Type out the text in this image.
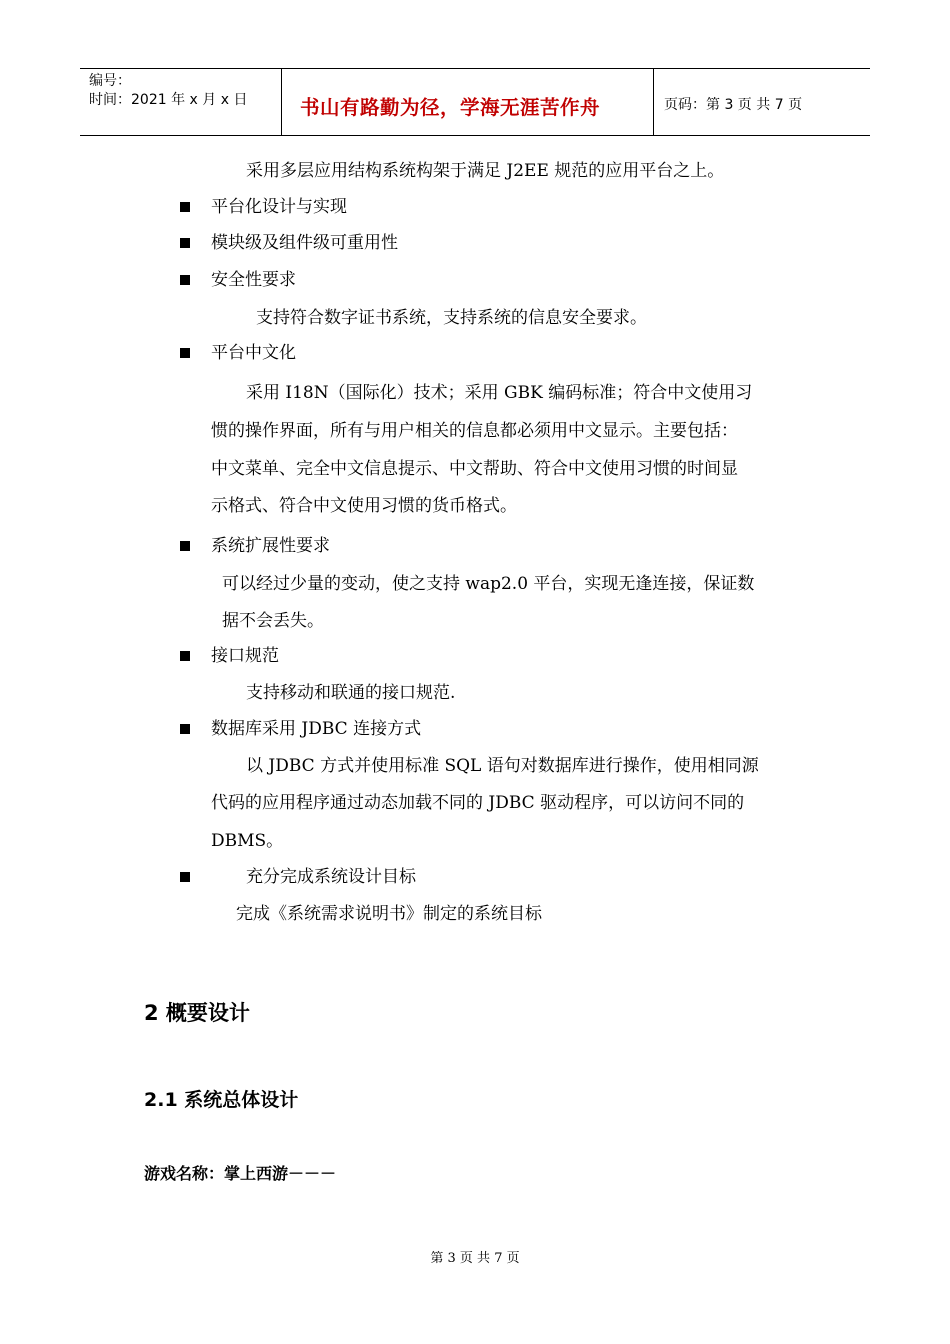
编号：
时间：2021 年 x 月 x 日	书山有路勤为径，学海无涯苦作舟	页码：第 3 页 共 7 页
采用多层应用结构系统构架于满足 J2EE 规范的应用平台之上。
平台化设计与实现
模块级及组件级可重用性
安全性要求
支持符合数字证书系统，支持系统的信息安全要求。
平台中文化
采用 I18N（国际化）技术；采用 GBK 编码标准；符合中文使用习
惯的操作界面，所有与用户相关的信息都必须用中文显示。主要包括：
中文菜单、完全中文信息提示、中文帮助、符合中文使用习惯的时间显
示格式、符合中文使用习惯的货币格式。
系统扩展性要求
可以经过少量的变动，使之支持 wap2.0 平台，实现无逢连接，保证数
据不会丢失。
接口规范
支持移动和联通的接口规范.
数据库采用 JDBC 连接方式
以 JDBC 方式并使用标准 SQL 语句对数据库进行操作，使用相同源
代码的应用程序通过动态加载不同的 JDBC 驱动程序，可以访问不同的
DBMS。
充分完成系统设计目标
完成《系统需求说明书》制定的系统目标
2 概要设计
2.1 系统总体设计
游戏名称：掌上西游－－－
第 3 页 共 7 页
